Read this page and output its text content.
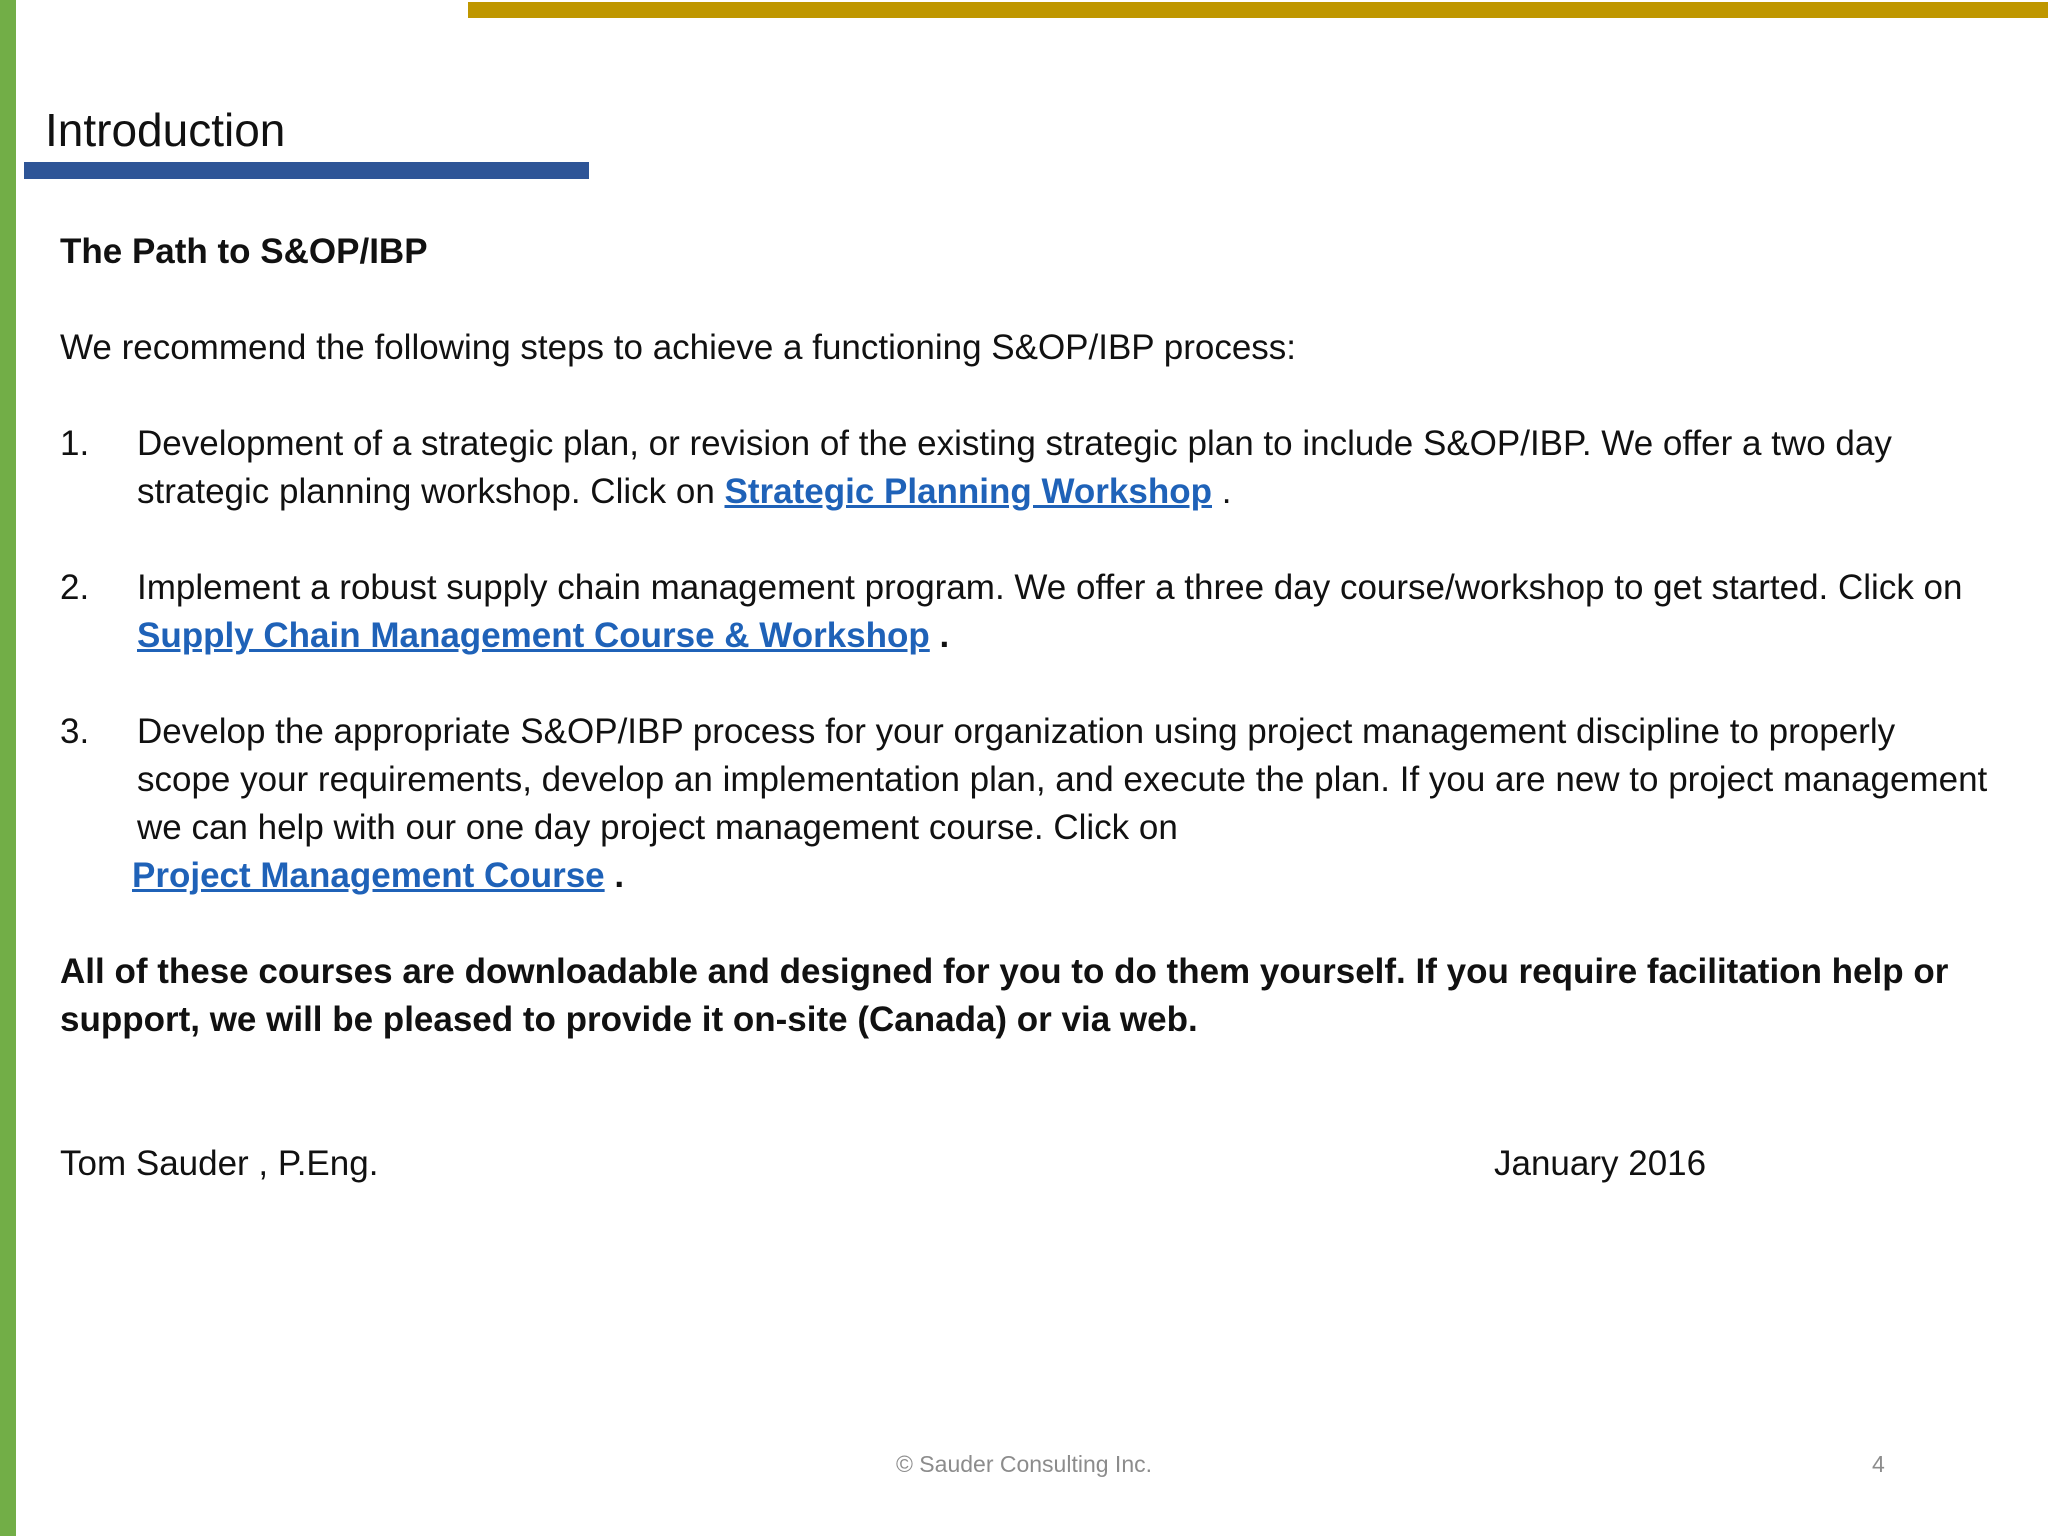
Introduction

The Path to S&OP/IBP

We recommend the following steps to achieve a functioning S&OP/IBP process:

1.	Development of a strategic plan, or revision of the existing strategic plan to include S&OP/IBP. We offer a two day strategic planning workshop. Click on Strategic Planning Workshop .
2.	Implement a robust supply chain management program. We offer a three day course/workshop to get started. Click on Supply Chain Management Course & Workshop .
3.	Develop the appropriate S&OP/IBP process for your organization using project management discipline to properly scope your requirements, develop an implementation plan, and execute the plan. If you are new to project management we can help with our one day project management course. Click on
Project Management Course .

All of these courses are downloadable and designed for you to do them yourself. If you require facilitation help or support, we will be pleased to provide it on-site (Canada) or via web.

Tom Sauder , P.Eng.	January 2016
© Sauder Consulting Inc.	4
